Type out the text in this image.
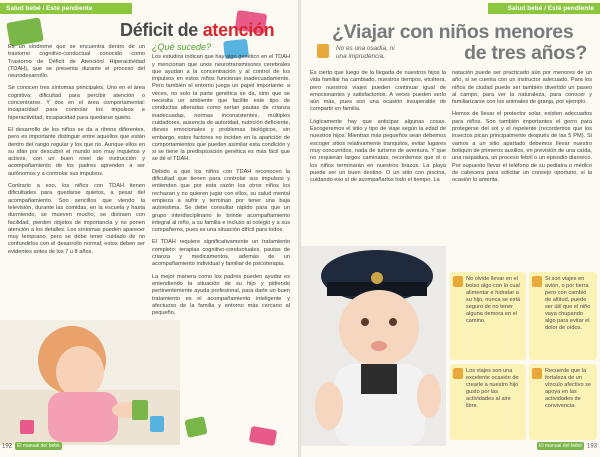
Salud bebé / Esté pendiente
Déficit de atención

Es un síndrome que se encuentra dentro de un trastorno cognitivo-conductual conocido como Trastorno de Déficit de Atención/ Hiperactividad (TDAH), que se presenta durante el proceso del neurodesarrollo.

Se conocen tres síntomas principales. Uno en el área cognitiva: dificultad para percibir atención o concentrarse. Y dos en el área comportamental: incapacidad para controlar los impulsos e hiperactividad, incapacidad para quedarse quieto.

El desarrollo de los niños se da a ritmos diferentes, pero es importante distinguir entre aquellos que están dentro del rango regular y los que no. Aunque ellos en su afán por descubrir el mundo son muy inquietos y activos, con un buen nivel de instrucción y acompañamiento de los padres aprenden a ser autónomos y a controlar sus impulsos.

Contrario a eso, los niños con TDAH tienen dificultades para quedarse quietos, a pesar del acompañamiento. Son sencillos que viendo la televisión, durante las comidas, en la escuela y hasta durmiendo, se mueven mucho, se distraen con facilidad, pierden objetos de importancia y no ponen atención a los detalles. Los síntomas pueden aparecer muy temprano, pero se debe tener cuidado de no confundirlos con el desarrollo normal; estos deben ser evidentes antes de los 7 u 8 años.

¿Qué sucede?

Los estudios indican que hay algo genético en el TDAH y mencionan que unos neurotransmisores cerebrales que ayudan a la concentración y al control de los impulsos en estos niños funcionan inadecuadamente. Pero también el entorno juega un papel importante: a veces, no solo la parte genética se da, sino que se necesita un ambiente que facilite este tipo de conductas alteradas como serían pautas de crianza inadecuadas, normas inconsistentes, múltiples cuidadores, ausencia de autoridad, nutrición deficiente, dieves emocionales y problemas biológicos, sin embargo, estos factores no inciden en la aparición de comportamientos que pueden asimilar esta condición y si se tiene la predisposición genética es más fácil que se dé el TDAH.

Debido a que los niños con TDAH reconocen la dificultad que tienen para controlar sus impulsos y entienden que por esta razón los otros niños los rechazan y no quieren jugar con ellos, su salud mental empieza a sufrir y terminan por tener una baja autoestima. Se debe consultar rápido para que un grupo interdisciplinario le brinde acompañamiento integral al niño, a su familia e incluso al colegio y a sus compañeros, pues es una situación difícil para todos.

El TDAH requiere significativamente un tratamiento completo: terapias cognitivo-conductuales, pautas de crianza y medicamentos, además de un acompañamiento individual y familiar de psicoterapia.

La mejor manera como los padres pueden ayudar es entendiendo la situación de su hijo y pidiendo pertinentemente ayuda profesional, para darle un buen tratamiento es el acompañamiento inteligente y afectuoso de la familia y entorno más cercano al pequeño.

192 El manual del bebé
Salud bebé / Esté pendiente
¿Viajar con niños menores
de tres años?
No es una osadía, ni una imprudencia.

Es cierto que luego de la llegada de nuestros hijos la vida familiar ha cambiado, nuestros tiempos, etcétera, pero nuestros viajes pueden continuar igual de emocionantes y satisfactorios. A veces pueden serlo aún más, pues son una ocasión insuperable de compartir en familia.

Lógicamente hay que anticipar algunas cosas. Escogeremos el sitio y tipo de viaje según la edad de nuestros hijos. Mientras más pequeños sean debemos escoger sitios relativamente tranquilos, evitar lugares muy concurridos, nada de turismo de aventura. Y que no requieran largos caminatas; recordemos que el o los niños terminarán en nuestros brazos. La playa puede ser un buen destino. O un sitio con piscina, cuidando eso sí de acompañarlos todo el tiempo. La

natación puede ser practicado aún por menores de un año, si se cuenta con un instructor adecuado. Para los niños de ciudad puede ser también divertido un paseo al campo, para ver la naturaleza, para conocer y familiarizarse con los animales de granja, por ejemplo.

Hemos de llevar el protector solar, existen adecuados para niños. Son también importantes el gorro para protegerse del sol y el repelente (recordemos que los insectos pican principalmente después de las 5 PM). Si vamos a un sitio apartado debemos llevar nuestro botiquín de primeros auxilios, en previsión de una caída, una raspadura, un proceso febril o un episodio diarreico. Por supuesto llevar el teléfono de su pediatra o médico de cabecera para solicitar un consejo oportuno, si la ocasión lo amerita.

No olvide llevar en el bolso algo con lo cual alimentar e hidratar a su hijo, nunca se está seguro de no tener alguna demora en el camino.
Si son viajes en avión, o por tierra pero con cambio de altitud, puede ser útil que el niño vaya chupando algo para evitar el dolor de oídos.
Los viajes son una excelente ocasión de crearle a nuestro hijo gusto por las actividades al aire libre.
Recuerde que la fortaleza de un vínculo afectivo se apoya en las actividades de convivencia.
El manual del bebé 193
